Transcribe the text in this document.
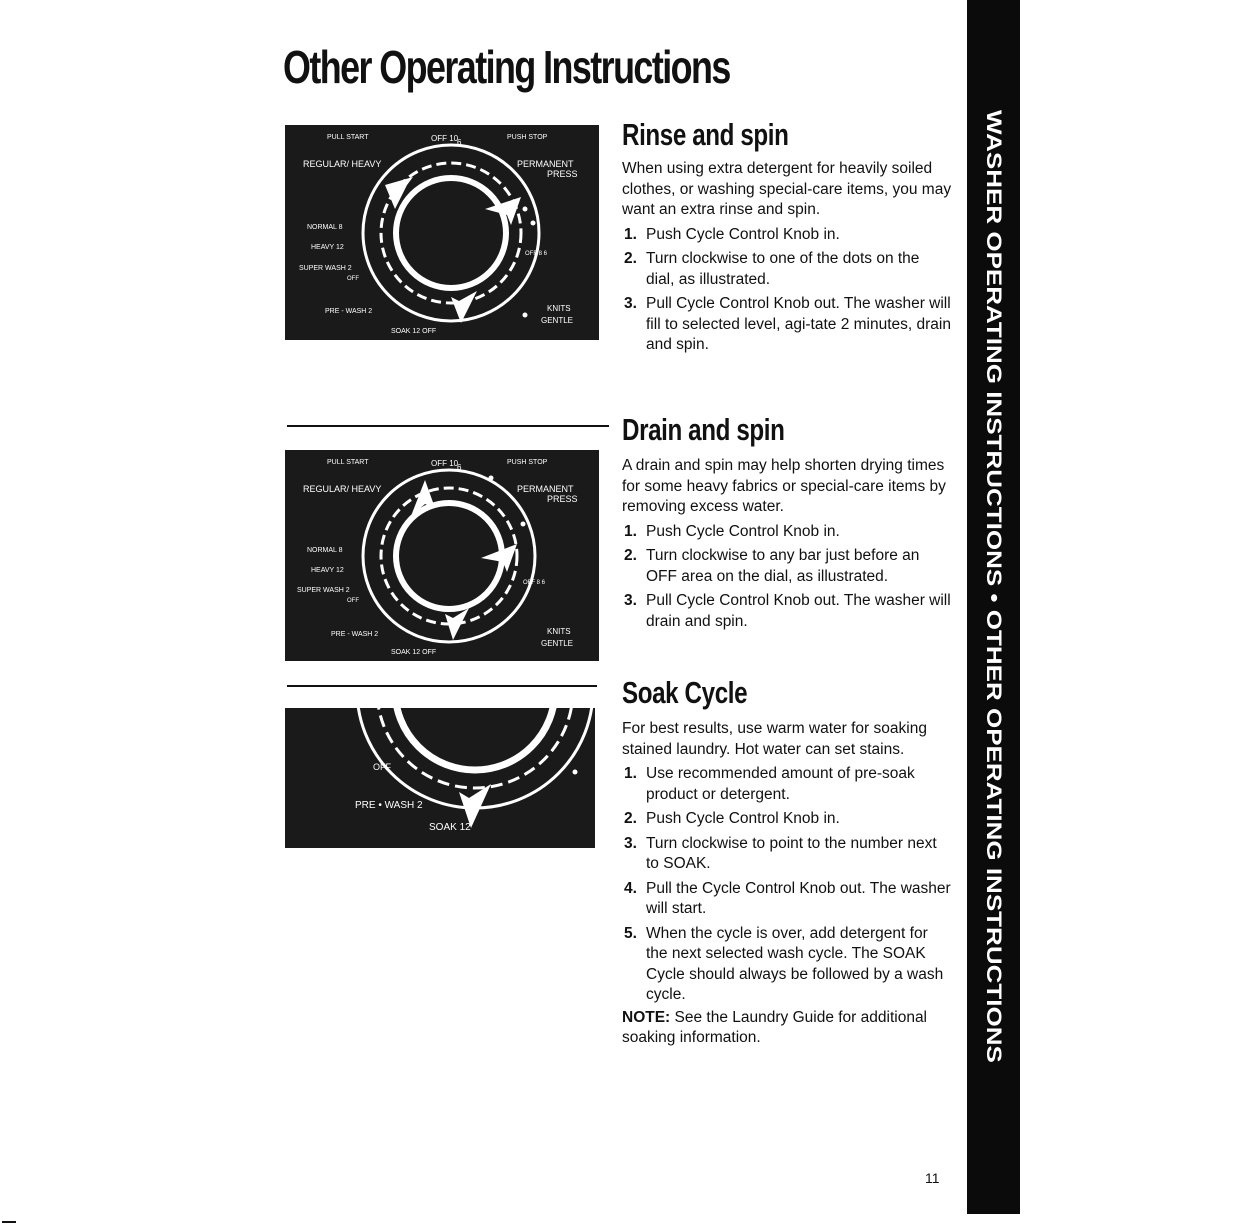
Other Operating Instructions
PULL START	OFF 10
6
PUSH STOP
REGULAR/ HEAVY	PERMANENT
PRESS
NORMAL 8
HEAVY 12
SUPER WASH 2
OFF
PRE - WASH 2
SOAK 12 OFF
KNITS
GENTLE
OFF 8 6
PULL START	OFF 10
6
PUSH STOP
REGULAR/ HEAVY	PERMANENT
PRESS
NORMAL 8
HEAVY 12
SUPER WASH 2
OFF
PRE - WASH 2
SOAK 12 OFF
KNITS
GENTLE
OFF 8 6
OFF
PRE • WASH 2
SOAK 12
Rinse and spin

When using extra detergent for heavily soiled clothes, or washing special-care items, you may want an extra rinse and spin.

1. Push Cycle Control Knob in.
2. Turn clockwise to one of the dots on the dial, as illustrated.
3. Pull Cycle Control Knob out. The washer will fill to selected level, agi-tate 2 minutes, drain and spin.
Drain and spin

A drain and spin may help shorten drying times for some heavy fabrics or special-care items by removing excess water.

1. Push Cycle Control Knob in.
2. Turn clockwise to any bar just before an OFF area on the dial, as illustrated.
3. Pull Cycle Control Knob out. The washer will drain and spin.
Soak Cycle

For best results, use warm water for soaking stained laundry. Hot water can set stains.

1. Use recommended amount of pre-soak product or detergent.
2. Push Cycle Control Knob in.
3. Turn clockwise to point to the number next to SOAK.
4. Pull the Cycle Control Knob out. The washer will start.
5. When the cycle is over, add detergent for the next selected wash cycle. The SOAK Cycle should always be followed by a wash cycle.

NOTE: See the Laundry Guide for additional soaking information.	WASHER OPERATING INSTRUCTIONS • OTHER OPERATING INSTRUCTIONS
11
